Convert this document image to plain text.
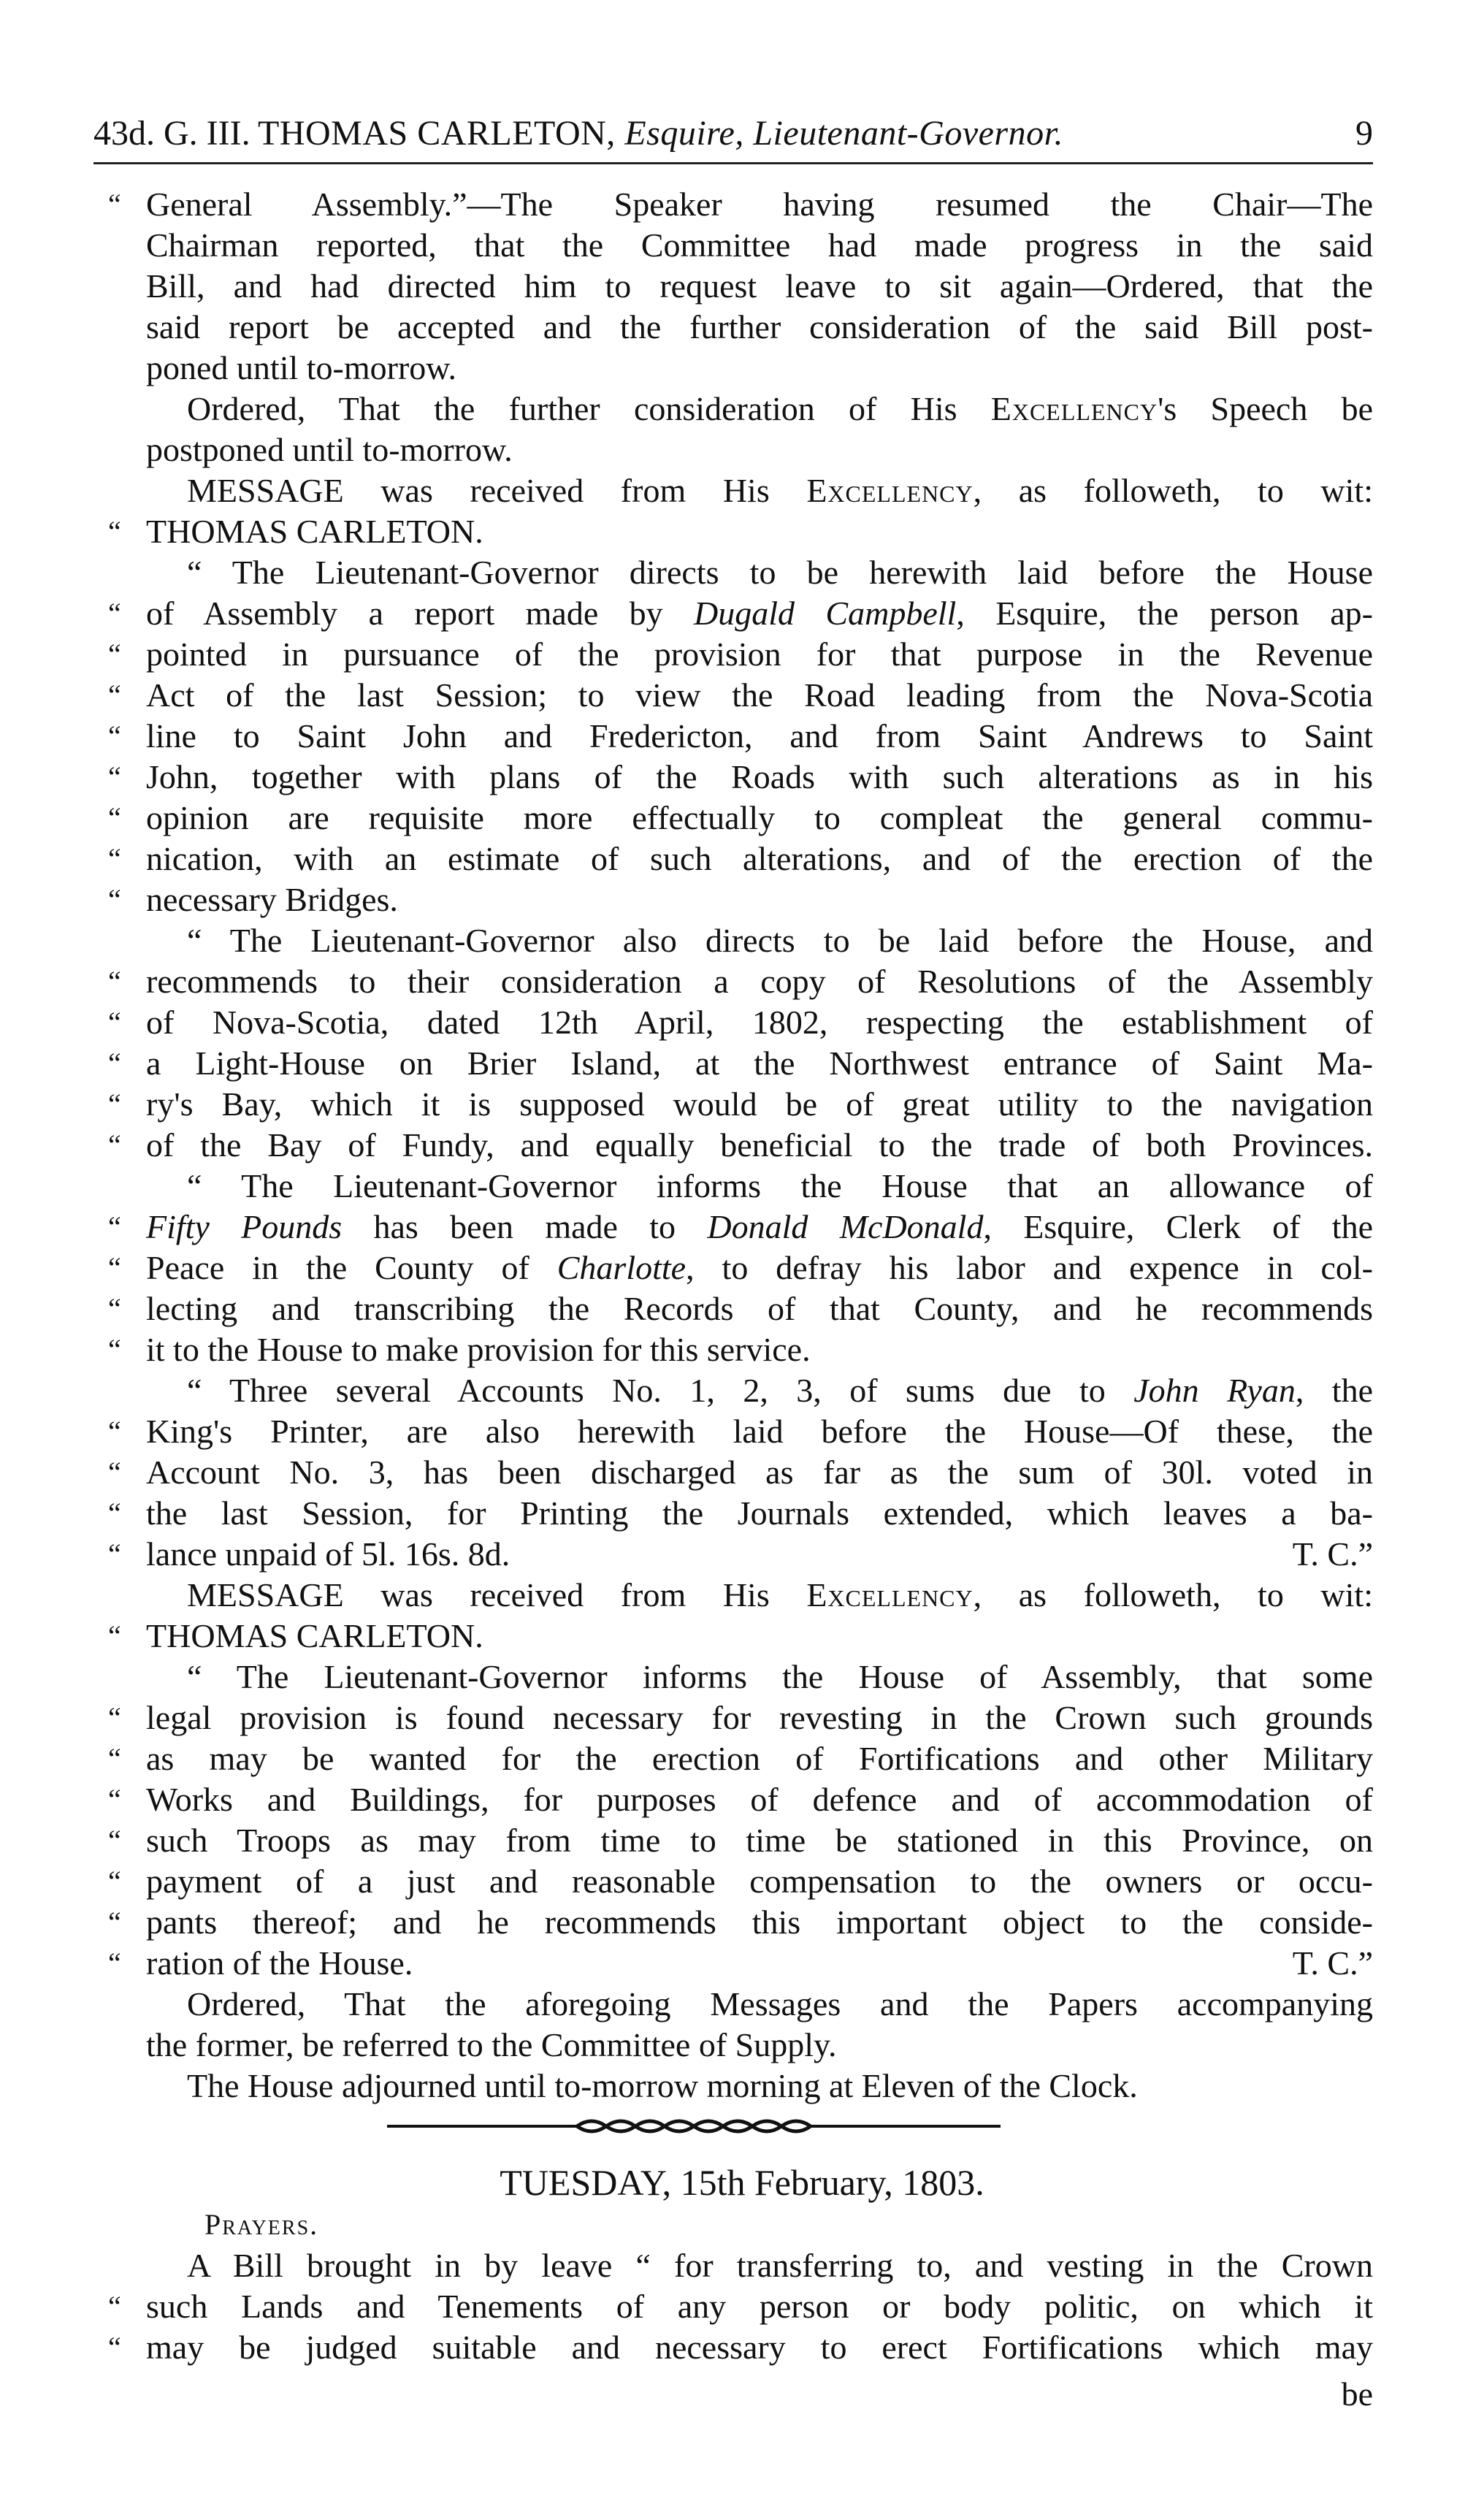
43d. G. III. THOMAS CARLETON, Esquire, Lieutenant-Governor.	9
“ General Assembly.”—The Speaker having resumed the Chair—The
Chairman reported, that the Committee had made progress in the said
Bill, and had directed him to request leave to sit again—Ordered, that the
said report be accepted and the further consideration of the said Bill post-
poned until to-morrow.
Ordered, That the further consideration of His Excellency's Speech be
postponed until to-morrow.
MESSAGE was received from His Excellency, as followeth, to wit:
“ THOMAS CARLETON.
“ The Lieutenant-Governor directs to be herewith laid before the House
“ of Assembly a report made by Dugald Campbell, Esquire, the person ap-
“ pointed in pursuance of the provision for that purpose in the Revenue
“ Act of the last Session; to view the Road leading from the Nova-Scotia
“ line to Saint John and Fredericton, and from Saint Andrews to Saint
“ John, together with plans of the Roads with such alterations as in his
“ opinion are requisite more effectually to compleat the general commu-
“ nication, with an estimate of such alterations, and of the erection of the
“ necessary Bridges.
“ The Lieutenant-Governor also directs to be laid before the House, and
“ recommends to their consideration a copy of Resolutions of the Assembly
“ of Nova-Scotia, dated 12th April, 1802, respecting the establishment of
“ a Light-House on Brier Island, at the Northwest entrance of Saint Ma-
“ ry's Bay, which it is supposed would be of great utility to the navigation
“ of the Bay of Fundy, and equally beneficial to the trade of both Provinces.
“ The Lieutenant-Governor informs the House that an allowance of
“ Fifty Pounds has been made to Donald McDonald, Esquire, Clerk of the
“ Peace in the County of Charlotte, to defray his labor and expence in col-
“ lecting and transcribing the Records of that County, and he recommends
“ it to the House to make provision for this service.
“ Three several Accounts No. 1, 2, 3, of sums due to John Ryan, the
“ King's Printer, are also herewith laid before the House—Of these, the
“ Account No. 3, has been discharged as far as the sum of 30l. voted in
“ the last Session, for Printing the Journals extended, which leaves a ba-
“ lance unpaid of 5l. 16s. 8d.	T. C.”
MESSAGE was received from His Excellency, as followeth, to wit:
“ THOMAS CARLETON.
“ The Lieutenant-Governor informs the House of Assembly, that some
“ legal provision is found necessary for revesting in the Crown such grounds
“ as may be wanted for the erection of Fortifications and other Military
“ Works and Buildings, for purposes of defence and of accommodation of
“ such Troops as may from time to time be stationed in this Province, on
“ payment of a just and reasonable compensation to the owners or occu-
“ pants thereof; and he recommends this important object to the conside-
“ ration of the House.	T. C.”
Ordered, That the aforegoing Messages and the Papers accompanying
the former, be referred to the Committee of Supply.
The House adjourned until to-morrow morning at Eleven of the Clock.
TUESDAY, 15th February, 1803.
Prayers.
A Bill brought in by leave “ for transferring to, and vesting in the Crown
“ such Lands and Tenements of any person or body politic, on which it
“ may be judged suitable and necessary to erect Fortifications which may
be
